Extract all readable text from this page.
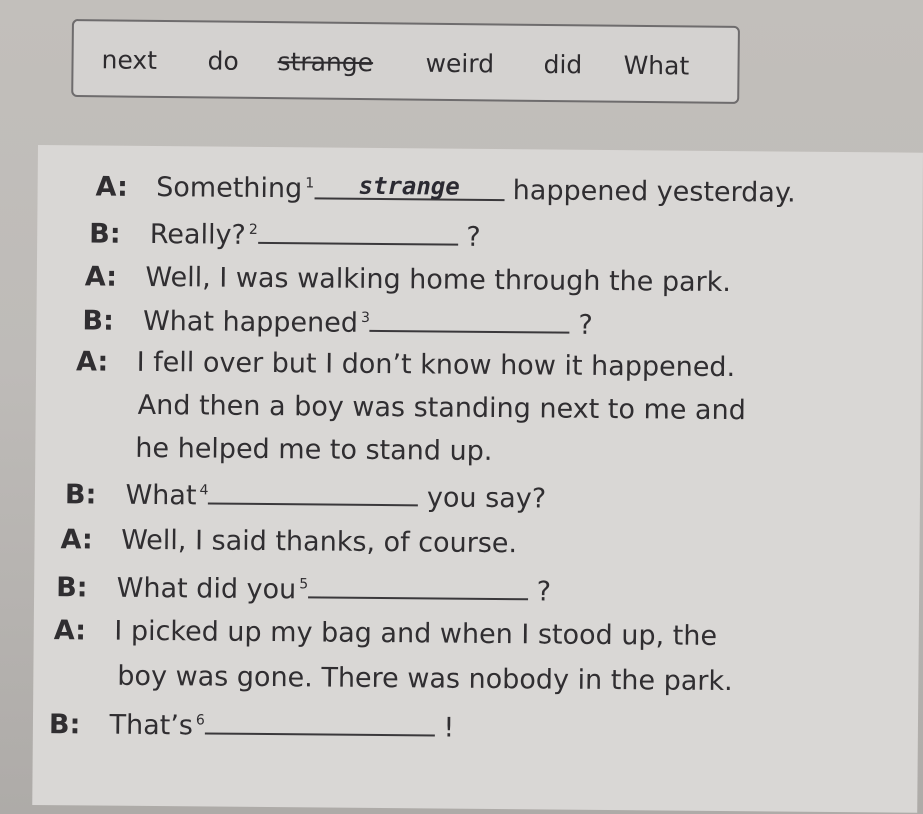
next do strange weird did What
A: Something $^1$ strange happened yesterday.
B: Really? $^2$	?
A: Well, I was walking home through the park.
B: What happened $^3$	?
A: I fell over but I don’t know how it happened.
And then a boy was standing next to me and
he helped me to stand up.
B: What $^4$	you say?
A: Well, I said thanks, of course.
B: What did you $^5$	?
A: I picked up my bag and when I stood up, the
boy was gone. There was nobody in the park.
B: That’s $^6$	!
